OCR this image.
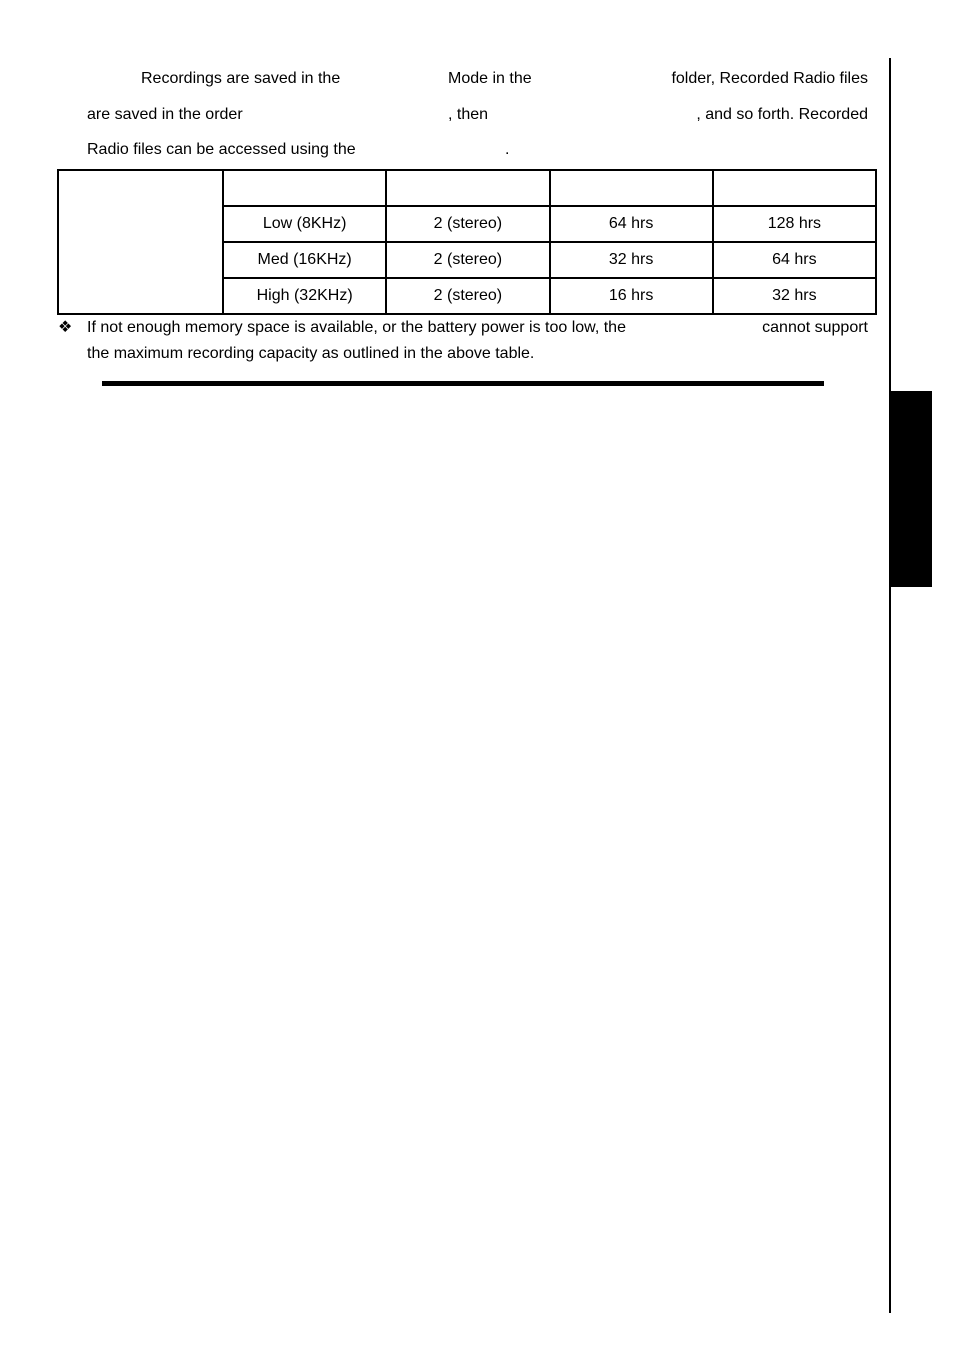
Recordings are saved in the	Mode in the	folder, Recorded Radio files
are saved in the order	, then	, and so forth. Recorded
Radio files can be accessed using the	.

	Low (8KHz)	2 (stereo)	64 hrs	128 hrs
	Med (16KHz)	2 (stereo)	32 hrs	64 hrs
	High (32KHz)	2 (stereo)	16 hrs	32 hrs
❖ If not enough memory space is available, or the battery power is too low, the	cannot support
the maximum recording capacity as outlined in the above table.
